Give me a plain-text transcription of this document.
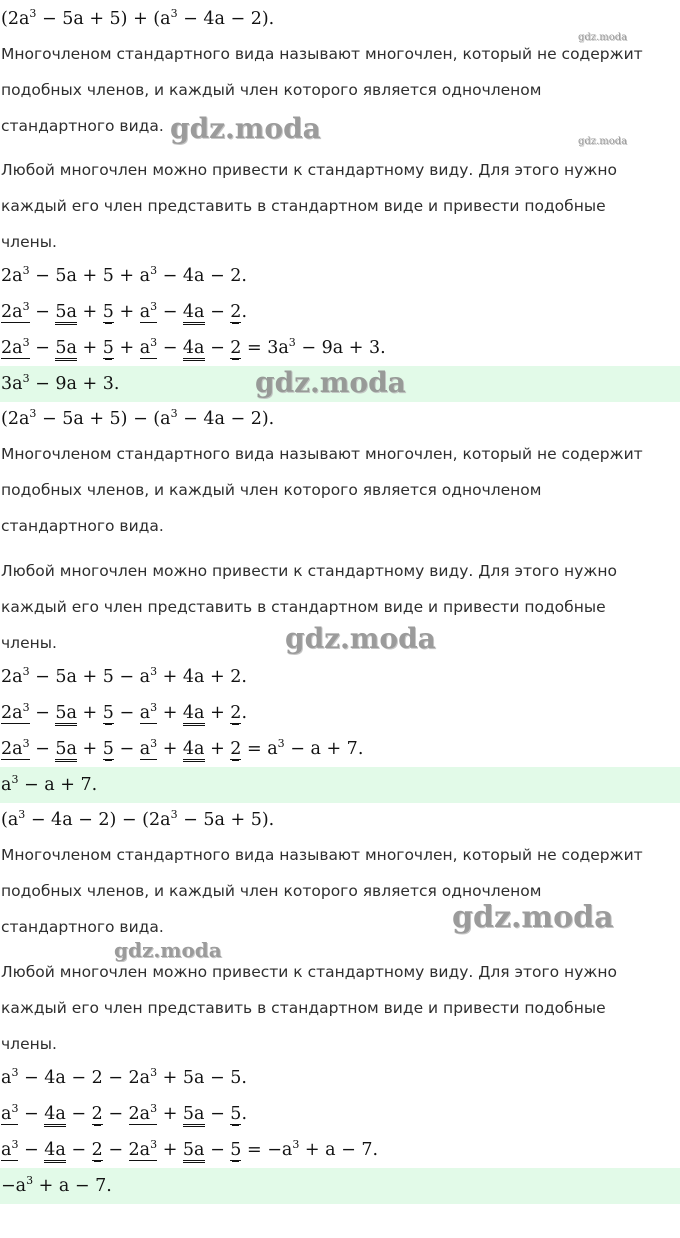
$(2a^3 - 5a + 5) + (a^3 - 4a - 2)$.
Многочленом стандартного вида называют многочлен, который не содержит
подобных членов, и каждый член которого является одночленом
стандартного вида.
Любой многочлен можно привести к стандартному виду. Для этого нужно
каждый его член представить в стандартном виде и привести подобные
члены.
$2a^3 - 5a + 5 + a^3 - 4a - 2$.
$2a^3 - 5a + 5 + a^3 - 4a - 2$.
$2a^3 - 5a + 5 + a^3 - 4a - 2 = 3a^3 - 9a + 3$.
$3a^3 - 9a + 3$.
$(2a^3 - 5a + 5) - (a^3 - 4a - 2)$.
Многочленом стандартного вида называют многочлен, который не содержит
подобных членов, и каждый член которого является одночленом
стандартного вида.
Любой многочлен можно привести к стандартному виду. Для этого нужно
каждый его член представить в стандартном виде и привести подобные
члены.
$2a^3 - 5a + 5 - a^3 + 4a + 2$.
$2a^3 - 5a + 5 - a^3 + 4a + 2$.
$2a^3 - 5a + 5 - a^3 + 4a + 2 = a^3 - a + 7$.
$a^3 - a + 7$.
$(a^3 - 4a - 2) - (2a^3 - 5a + 5)$.
Многочленом стандартного вида называют многочлен, который не содержит
подобных членов, и каждый член которого является одночленом
стандартного вида.
Любой многочлен можно привести к стандартному виду. Для этого нужно
каждый его член представить в стандартном виде и привести подобные
члены.
$a^3 - 4a - 2 - 2a^3 + 5a - 5$.
$a^3 - 4a - 2 - 2a^3 + 5a - 5$.
$a^3 - 4a - 2 - 2a^3 + 5a - 5 = -a^3 + a - 7$.
$-a^3 + a - 7$.
gdz.moda
gdz.moda	gdz.moda
gdz.moda
gdz.moda
gdz.moda
gdz.moda
